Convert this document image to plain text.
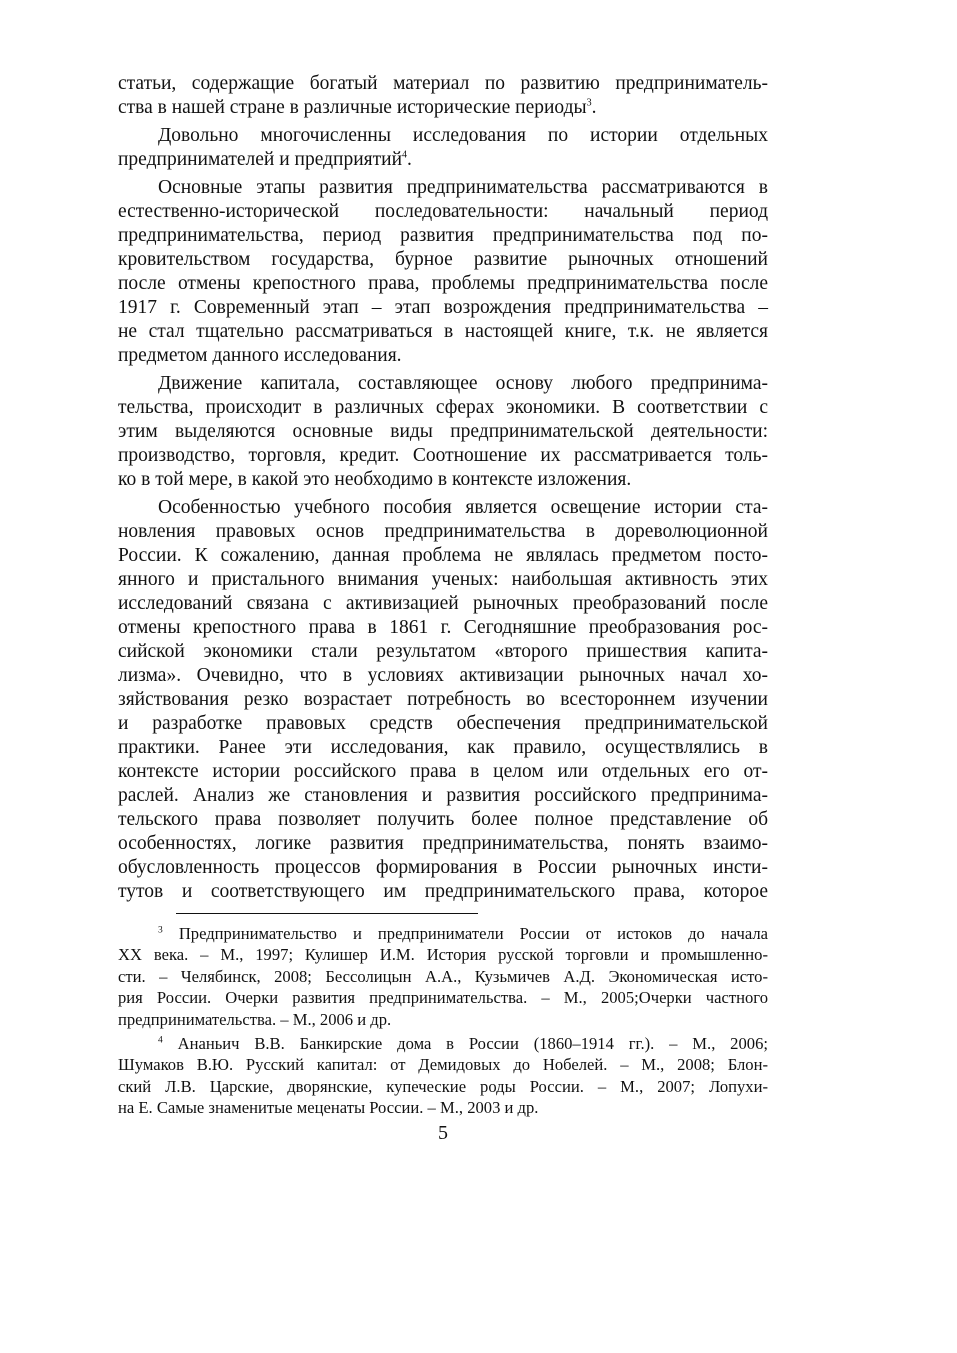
статьи, содержащие богатый материал по развитию предприниматель-
ства в нашей стране в различные исторические периоды$^3$.
Довольно многочисленны исследования по истории отдельных
предпринимателей и предприятий$^4$.
Основные этапы развития предпринимательства рассматриваются в
естественно-исторической последовательности: начальный период
предпринимательства, период развития предпринимательства под по-
кровительством государства, бурное развитие рыночных отношений
после отмены крепостного права, проблемы предпринимательства после
1917 г. Современный этап – этап возрождения предпринимательства –
не стал тщательно рассматриваться в настоящей книге, т.к. не является
предметом данного исследования.
Движение капитала, составляющее основу любого предпринима-
тельства, происходит в различных сферах экономики. В соответствии с
этим выделяются основные виды предпринимательской деятельности:
производство, торговля, кредит. Соотношение их рассматривается толь-
ко в той мере, в какой это необходимо в контексте изложения.
Особенностью учебного пособия является освещение истории ста-
новления правовых основ предпринимательства в дореволюционной
России. К сожалению, данная проблема не являлась предметом посто-
янного и пристального внимания ученых: наибольшая активность этих
исследований связана с активизацией рыночных преобразований после
отмены крепостного права в 1861 г. Сегодняшние преобразования рос-
сийской экономики стали результатом «второго пришествия капита-
лизма». Очевидно, что в условиях активизации рыночных начал хо-
зяйствования резко возрастает потребность во всестороннем изучении
и разработке правовых средств обеспечения предпринимательской
практики. Ранее эти исследования, как правило, осуществлялись в
контексте истории российского права в целом или отдельных его от-
раслей. Анализ же становления и развития российского предпринима-
тельского права позволяет получить более полное представление об
особенностях, логике развития предпринимательства, понять взаимо-
обусловленность процессов формирования в России рыночных инсти-
тутов и соответствующего им предпринимательского права, которое
$^3$ Предпринимательство и предприниматели России от истоков до начала
XX века. – М., 1997; Кулишер И.М. История русской торговли и промышленно-
сти. – Челябинск, 2008; Бессолицын А.А., Кузьмичев А.Д. Экономическая исто-
рия России. Очерки развития предпринимательства. – М., 2005;Очерки частного
предпринимательства. – М., 2006 и др.
$^4$ Ананьич В.В. Банкирские дома в России (1860–1914 гг.). – М., 2006;
Шумаков В.Ю. Русский капитал: от Демидовых до Нобелей. – М., 2008; Блон-
ский Л.В. Царские, дворянские, купеческие роды России. – М., 2007; Лопухи-
на Е. Самые знаменитые меценаты России. – М., 2003 и др.
5
